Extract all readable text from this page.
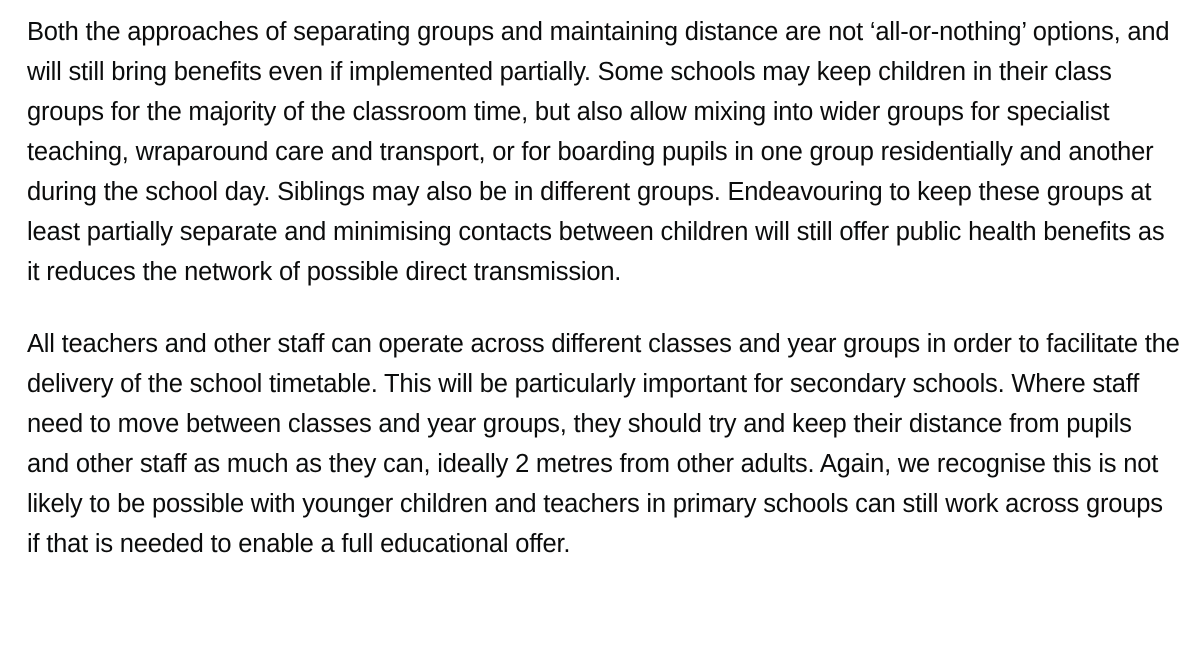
Both the approaches of separating groups and maintaining distance are not ‘all-or-nothing’ options, and will still bring benefits even if implemented partially. Some schools may keep children in their class groups for the majority of the classroom time, but also allow mixing into wider groups for specialist teaching, wraparound care and transport, or for boarding pupils in one group residentially and another during the school day. Siblings may also be in different groups. Endeavouring to keep these groups at least partially separate and minimising contacts between children will still offer public health benefits as it reduces the network of possible direct transmission.

All teachers and other staff can operate across different classes and year groups in order to facilitate the delivery of the school timetable. This will be particularly important for secondary schools. Where staff need to move between classes and year groups, they should try and keep their distance from pupils and other staff as much as they can, ideally 2 metres from other adults. Again, we recognise this is not likely to be possible with younger children and teachers in primary schools can still work across groups if that is needed to enable a full educational offer.
